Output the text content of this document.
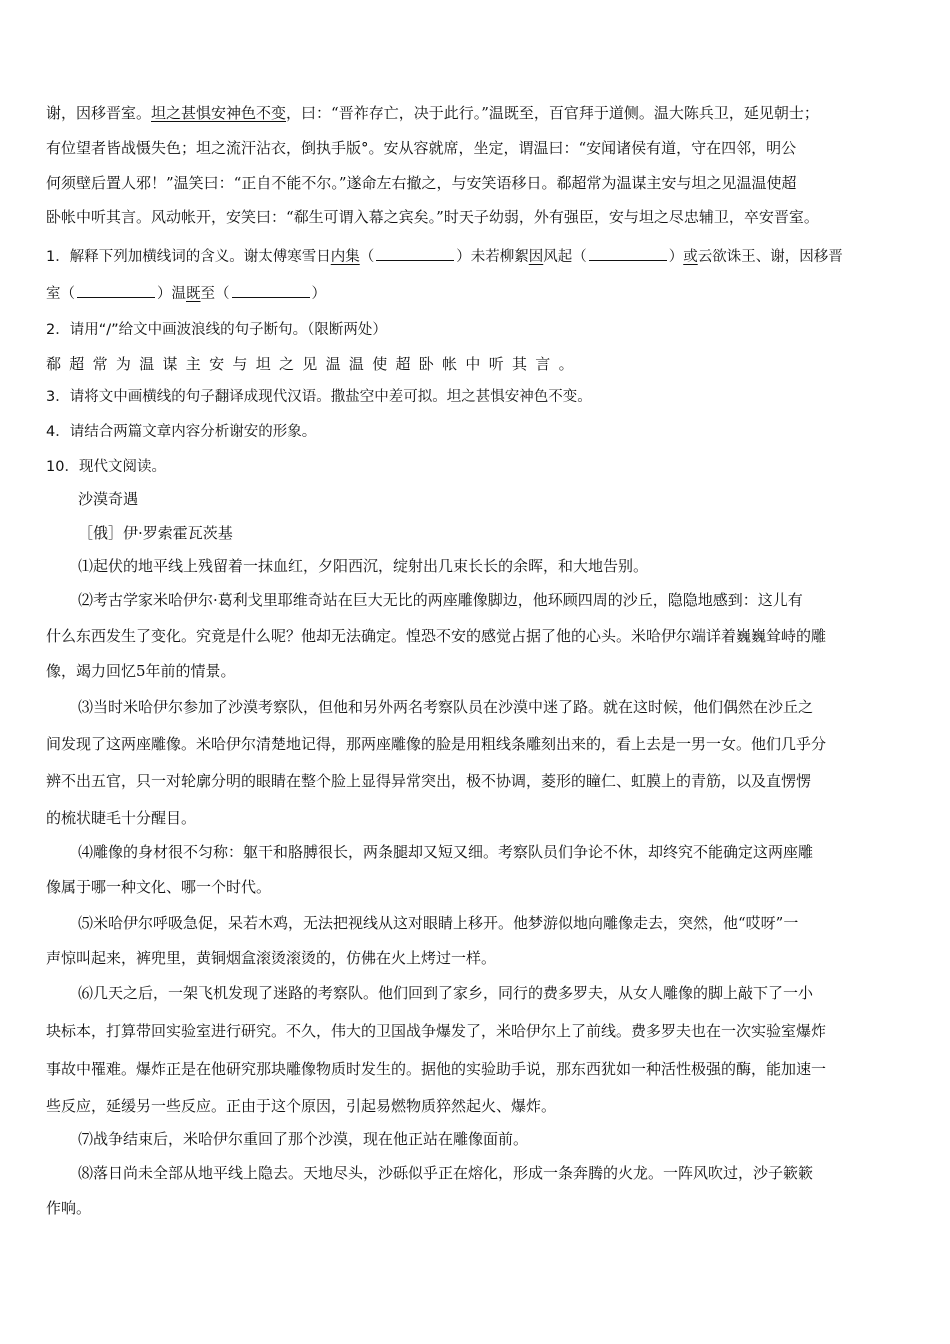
谢，因移晋室。坦之甚惧安神色不变，曰：“晋祚存亡，决于此行。”温既至，百官拜于道侧。温大陈兵卫，延见朝士；
有位望者皆战慑失色；坦之流汗沾衣，倒执手版°。安从容就席，坐定，谓温曰：“安闻诸侯有道，守在四邻，明公
何须壁后置人邪！”温笑曰：“正自不能不尔。”遂命左右撤之，与安笑语移日。郗超常为温谋主安与坦之见温温使超
卧帐中听其言。风动帐开，安笑曰：“郗生可谓入幕之宾矣。”时天子幼弱，外有强臣，安与坦之尽忠辅卫，卒安晋室。
1．解释下列加横线词的含义。谢太傅寒雪日内集（	）未若柳絮因风起（	）或云欲诛王、谢，因移晋
室（	）温既至（	）
2．请用“/”给文中画波浪线的句子断句。（限断两处）
郗超常为温谋主安与坦之见温温使超卧帐中听其言。
3．请将文中画横线的句子翻译成现代汉语。撒盐空中差可拟。坦之甚惧安神色不变。
4．请结合两篇文章内容分析谢安的形象。
10．现代文阅读。
沙漠奇遇
［俄］伊·罗索霍瓦茨基
⑴起伏的地平线上残留着一抹血红，夕阳西沉，绽射出几束长长的余晖，和大地告别。
⑵考古学家米哈伊尔·葛利戈里耶维奇站在巨大无比的两座雕像脚边，他环顾四周的沙丘，隐隐地感到：这儿有
什么东西发生了变化。究竟是什么呢？他却无法确定。惶恐不安的感觉占据了他的心头。米哈伊尔端详着巍巍耸峙的雕
像，竭力回忆5年前的情景。
⑶当时米哈伊尔参加了沙漠考察队，但他和另外两名考察队员在沙漠中迷了路。就在这时候，他们偶然在沙丘之
间发现了这两座雕像。米哈伊尔清楚地记得，那两座雕像的脸是用粗线条雕刻出来的，看上去是一男一女。他们几乎分
辨不出五官，只一对轮廓分明的眼睛在整个脸上显得异常突出，极不协调，菱形的瞳仁、虹膜上的青筋，以及直愣愣
的梳状睫毛十分醒目。
⑷雕像的身材很不匀称：躯干和胳膊很长，两条腿却又短又细。考察队员们争论不休，却终究不能确定这两座雕
像属于哪一种文化、哪一个时代。
⑸米哈伊尔呼吸急促，呆若木鸡，无法把视线从这对眼睛上移开。他梦游似地向雕像走去，突然，他“哎呀”一
声惊叫起来，裤兜里，黄铜烟盒滚烫滚烫的，仿佛在火上烤过一样。
⑹几天之后，一架飞机发现了迷路的考察队。他们回到了家乡，同行的费多罗夫，从女人雕像的脚上敲下了一小
块标本，打算带回实验室进行研究。不久，伟大的卫国战争爆发了，米哈伊尔上了前线。费多罗夫也在一次实验室爆炸
事故中罹难。爆炸正是在他研究那块雕像物质时发生的。据他的实验助手说，那东西犹如一种活性极强的酶，能加速一
些反应，延缓另一些反应。正由于这个原因，引起易燃物质猝然起火、爆炸。
⑺战争结束后，米哈伊尔重回了那个沙漠，现在他正站在雕像面前。
⑻落日尚未全部从地平线上隐去。天地尽头，沙砾似乎正在熔化，形成一条奔腾的火龙。一阵风吹过，沙子簌簌
作响。
